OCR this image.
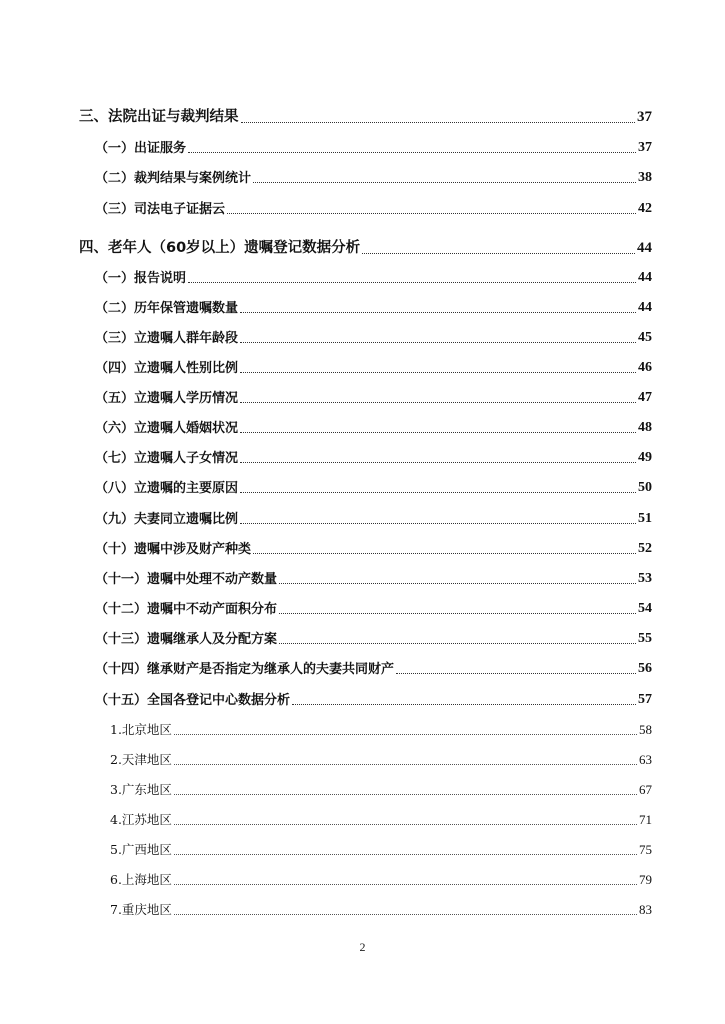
三、法院出证与裁判结果	37
（一）出证服务	37
（二）裁判结果与案例统计	38
（三）司法电子证据云	42
四、老年人（60岁以上）遗嘱登记数据分析	44
（一）报告说明	44
（二）历年保管遗嘱数量	44
（三）立遗嘱人群年龄段	45
（四）立遗嘱人性别比例	46
（五）立遗嘱人学历情况	47
（六）立遗嘱人婚姻状况	48
（七）立遗嘱人子女情况	49
（八）立遗嘱的主要原因	50
（九）夫妻同立遗嘱比例	51
（十）遗嘱中涉及财产种类	52
（十一）遗嘱中处理不动产数量	53
（十二）遗嘱中不动产面积分布	54
（十三）遗嘱继承人及分配方案	55
（十四）继承财产是否指定为继承人的夫妻共同财产	56
（十五）全国各登记中心数据分析	57
1.北京地区	58
2.天津地区	63
3.广东地区	67
4.江苏地区	71
5.广西地区	75
6.上海地区	79
7.重庆地区	83
2
